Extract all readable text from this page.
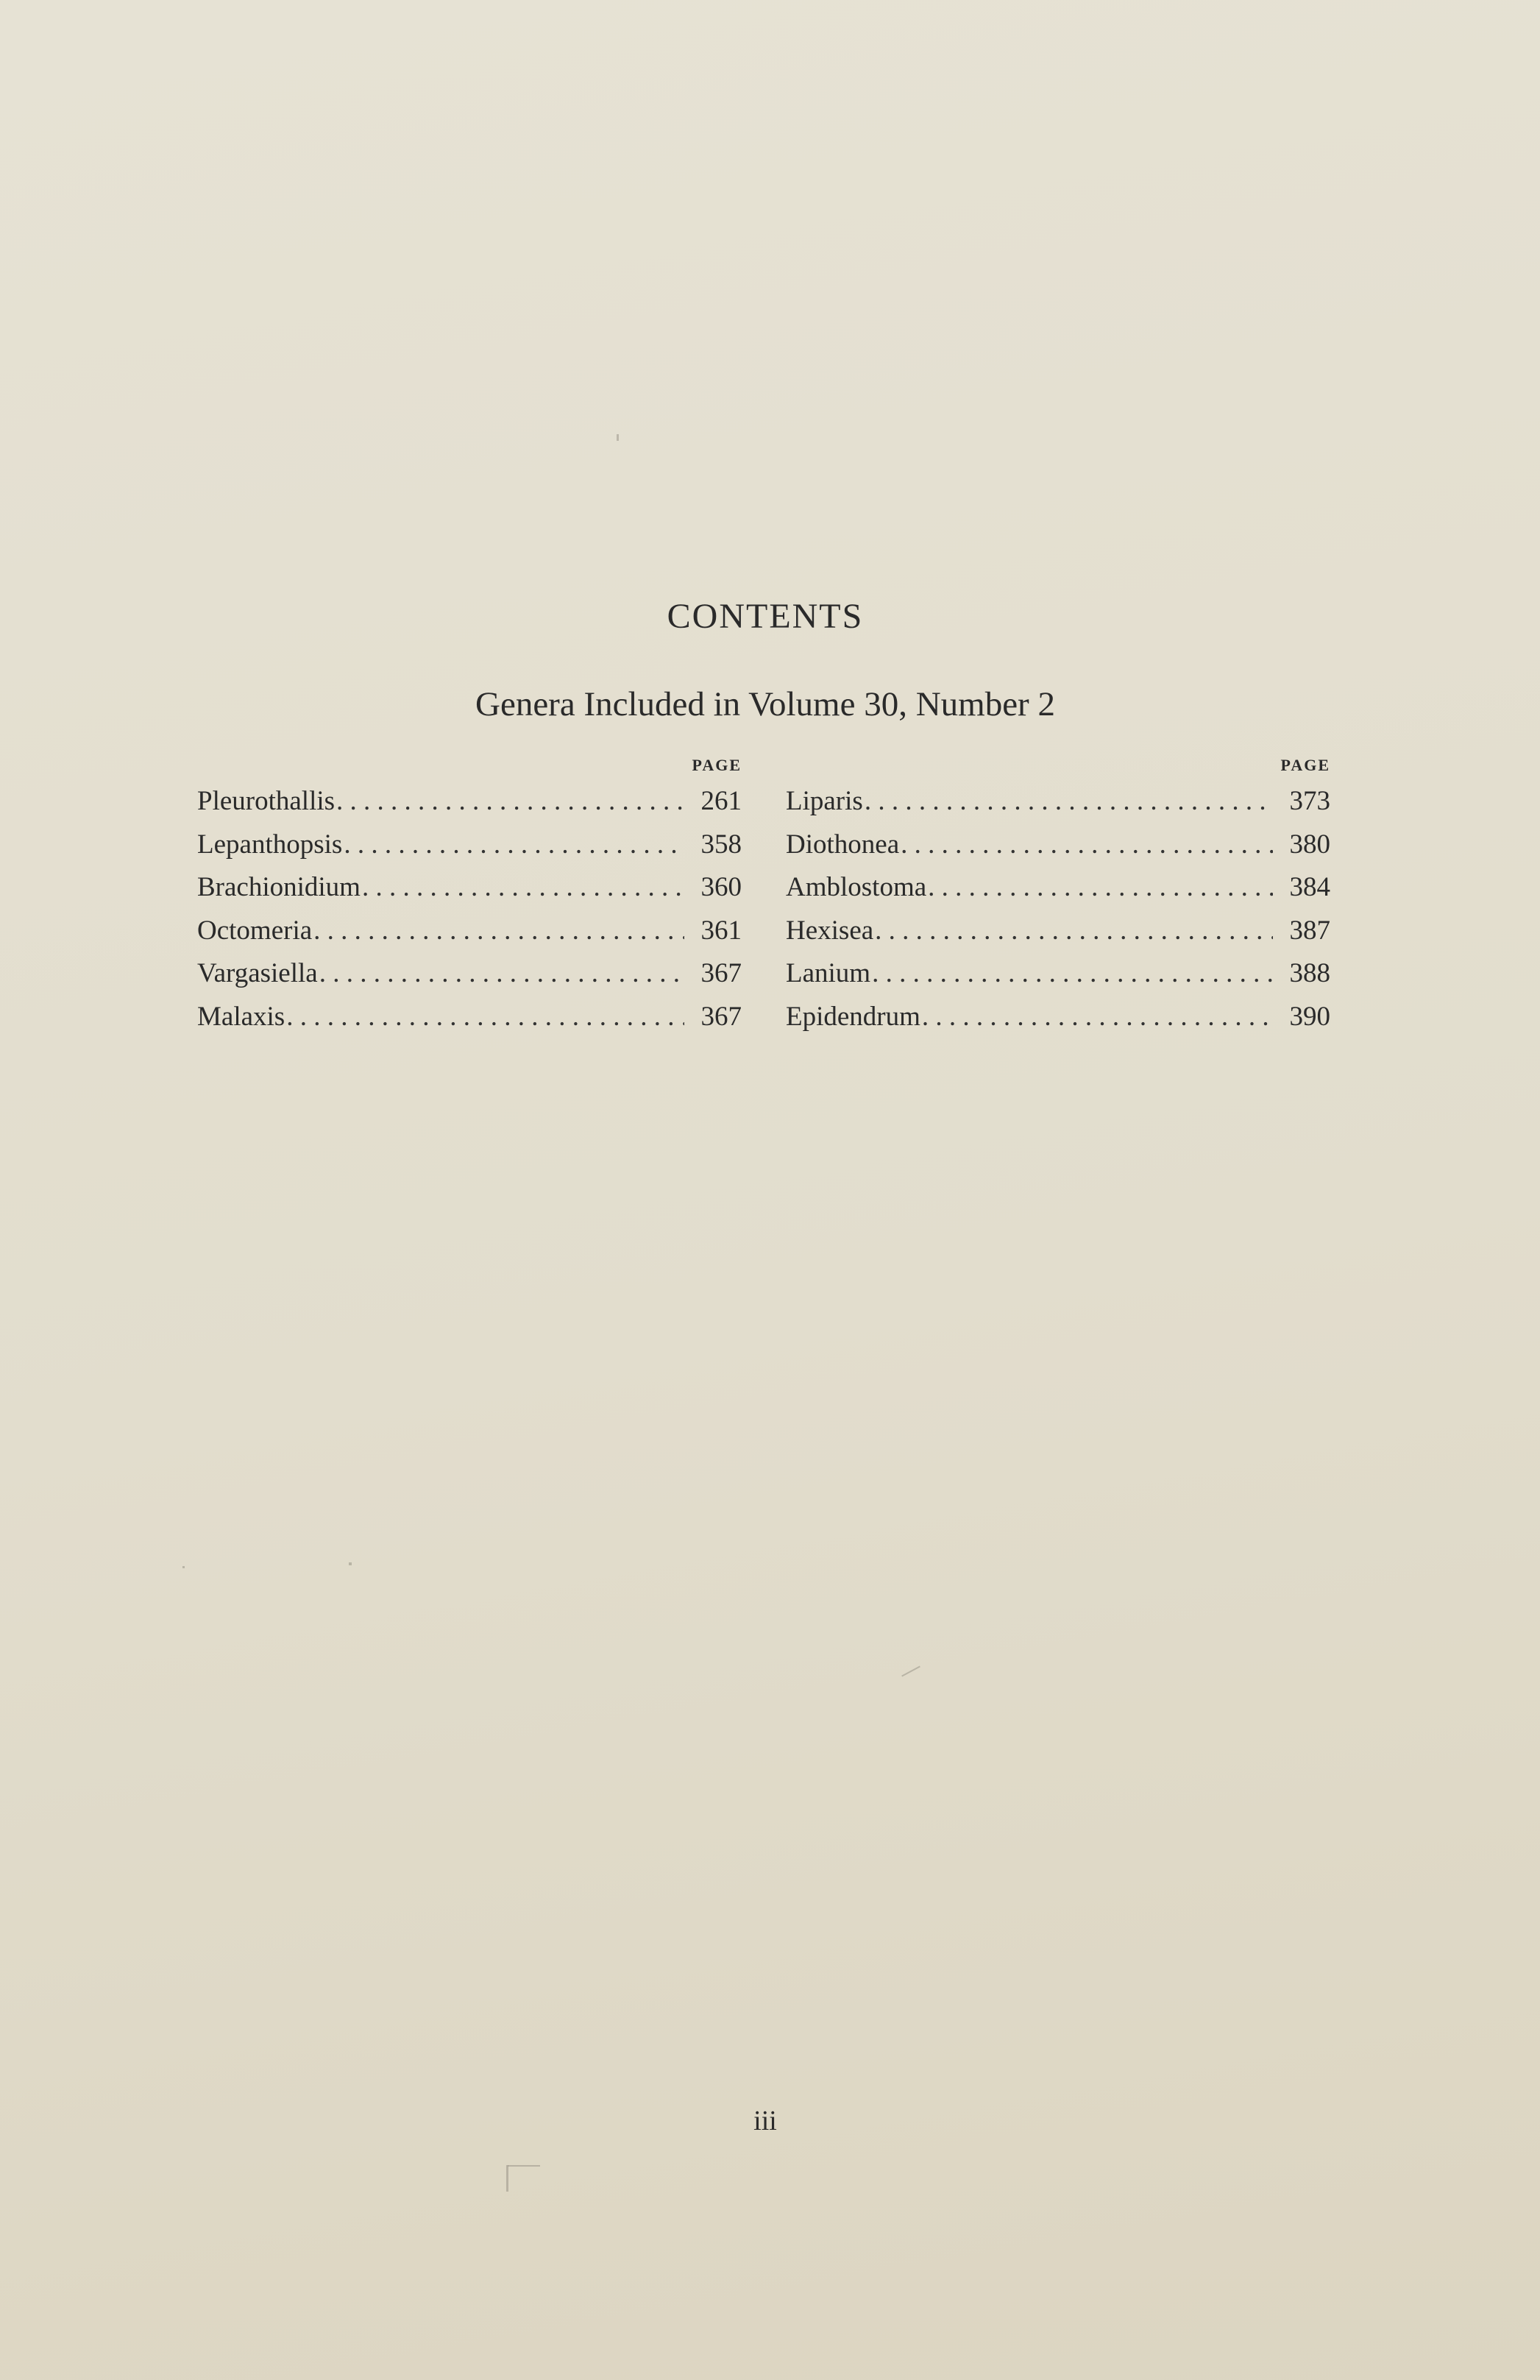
CONTENTS
Genera Included in Volume 30, Number 2
PAGE
Pleurothallis . . .	261
Lepanthopsis . . .	358
Brachionidium . . .	360
Octomeria . . .	361
Vargasiella . . .	367
Malaxis . . .	367
PAGE
Liparis . . .	373
Diothonea . . .	380
Amblostoma . . .	384
Hexisea . . .	387
Lanium . . .	388
Epidendrum . . .	390
iii
